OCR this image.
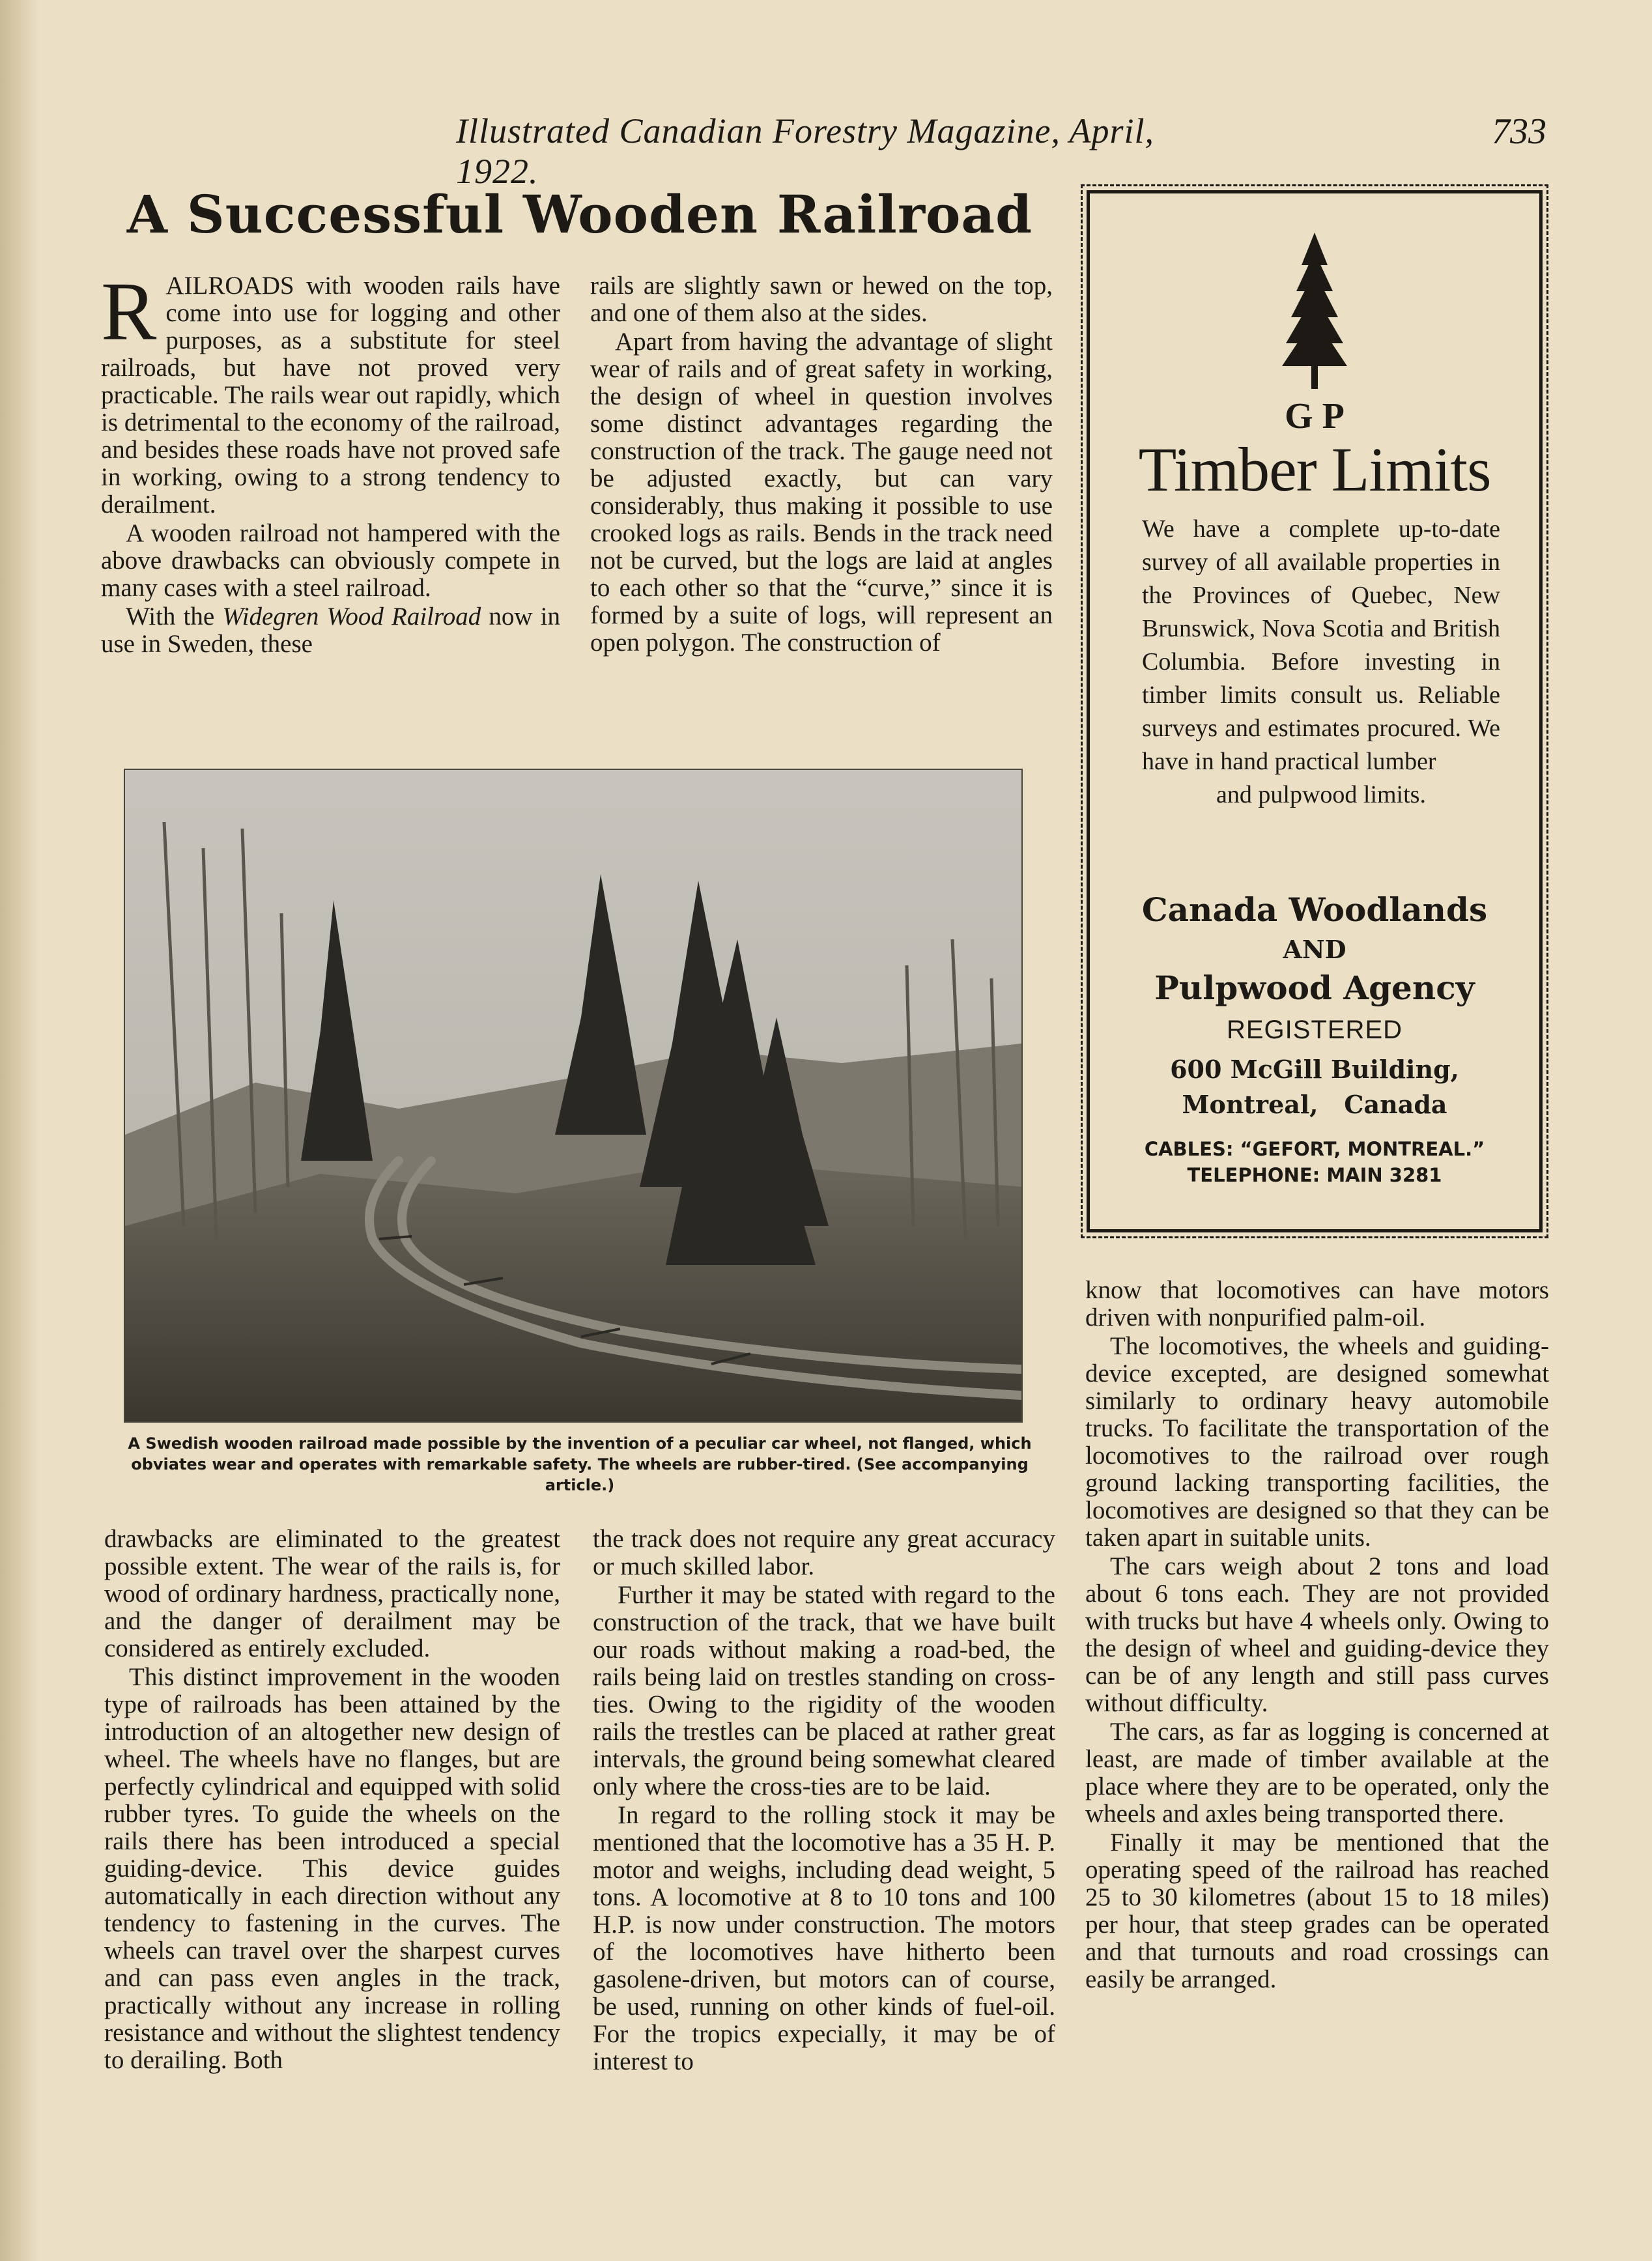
Illustrated Canadian Forestry Magazine, April, 1922.
733
A Successful Wooden Railroad

RAILROADS with wooden rails have come into use for logging and other purposes, as a substitute for steel railroads, but have not proved very practicable. The rails wear out rapidly, which is detrimental to the economy of the railroad, and besides these roads have not proved safe in working, owing to a strong tendency to derailment.

A wooden railroad not hampered with the above drawbacks can obviously compete in many cases with a steel railroad.

With the Widegren Wood Railroad now in use in Sweden, these

rails are slightly sawn or hewed on the top, and one of them also at the sides.

Apart from having the advantage of slight wear of rails and of great safety in working, the design of wheel in question involves some distinct advantages regarding the construction of the track. The gauge need not be adjusted exactly, but can vary considerably, thus making it possible to use crooked logs as rails. Bends in the track need not be curved, but the logs are laid at angles to each other so that the “curve,” since it is formed by a suite of logs, will represent an open polygon. The construction of

A Swedish wooden railroad made possible by the invention of a peculiar car wheel, not flanged, which obviates wear and operates with remarkable safety. The wheels are rubber-tired. (See accompanying article.)

drawbacks are eliminated to the greatest possible extent. The wear of the rails is, for wood of ordinary hardness, practically none, and the danger of derailment may be considered as entirely excluded.

This distinct improvement in the wooden type of railroads has been attained by the introduction of an altogether new design of wheel. The wheels have no flanges, but are perfectly cylindrical and equipped with solid rubber tyres. To guide the wheels on the rails there has been introduced a special guiding-device. This device guides automatically in each direction without any tendency to fastening in the curves. The wheels can travel over the sharpest curves and can pass even angles in the track, practically without any increase in rolling resistance and without the slightest tendency to derailing. Both

the track does not require any great accuracy or much skilled labor.

Further it may be stated with regard to the construction of the track, that we have built our roads without making a road-bed, the rails being laid on trestles standing on cross-ties. Owing to the rigidity of the wooden rails the trestles can be placed at rather great intervals, the ground being somewhat cleared only where the cross-ties are to be laid.

In regard to the rolling stock it may be mentioned that the locomotive has a 35 H. P. motor and weighs, including dead weight, 5 tons. A locomotive at 8 to 10 tons and 100 H.P. is now under construction. The motors of the locomotives have hitherto been gasolene-driven, but motors can of course, be used, running on other kinds of fuel-oil. For the tropics expecially, it may be of interest to

know that locomotives can have motors driven with nonpurified palm-oil.

The locomotives, the wheels and guiding-device excepted, are designed somewhat similarly to ordinary heavy automobile trucks. To facilitate the transportation of the locomotives to the railroad over rough ground lacking transporting facilities, the locomotives are designed so that they can be taken apart in suitable units.

The cars weigh about 2 tons and load about 6 tons each. They are not provided with trucks but have 4 wheels only. Owing to the design of wheel and guiding-device they can be of any length and still pass curves without difficulty.

The cars, as far as logging is concerned at least, are made of timber available at the place where they are to be operated, only the wheels and axles being transported there.

Finally it may be mentioned that the operating speed of the railroad has reached 25 to 30 kilometres (about 15 to 18 miles) per hour, that steep grades can be operated and that turnouts and road crossings can easily be arranged.

G P
Timber Limits
We have a complete up-to-date survey of all available properties in the Provinces of Quebec, New Brunswick, Nova Scotia and British Columbia. Before investing in timber limits consult us. Reliable surveys and estimates procured. We have in hand practical lumber
and pulpwood limits.
Canada Woodlands
AND
Pulpwood Agency
REGISTERED
600 McGill Building,
Montreal,   Canada
CABLES: “GEFORT, MONTREAL.”
TELEPHONE: MAIN 3281
